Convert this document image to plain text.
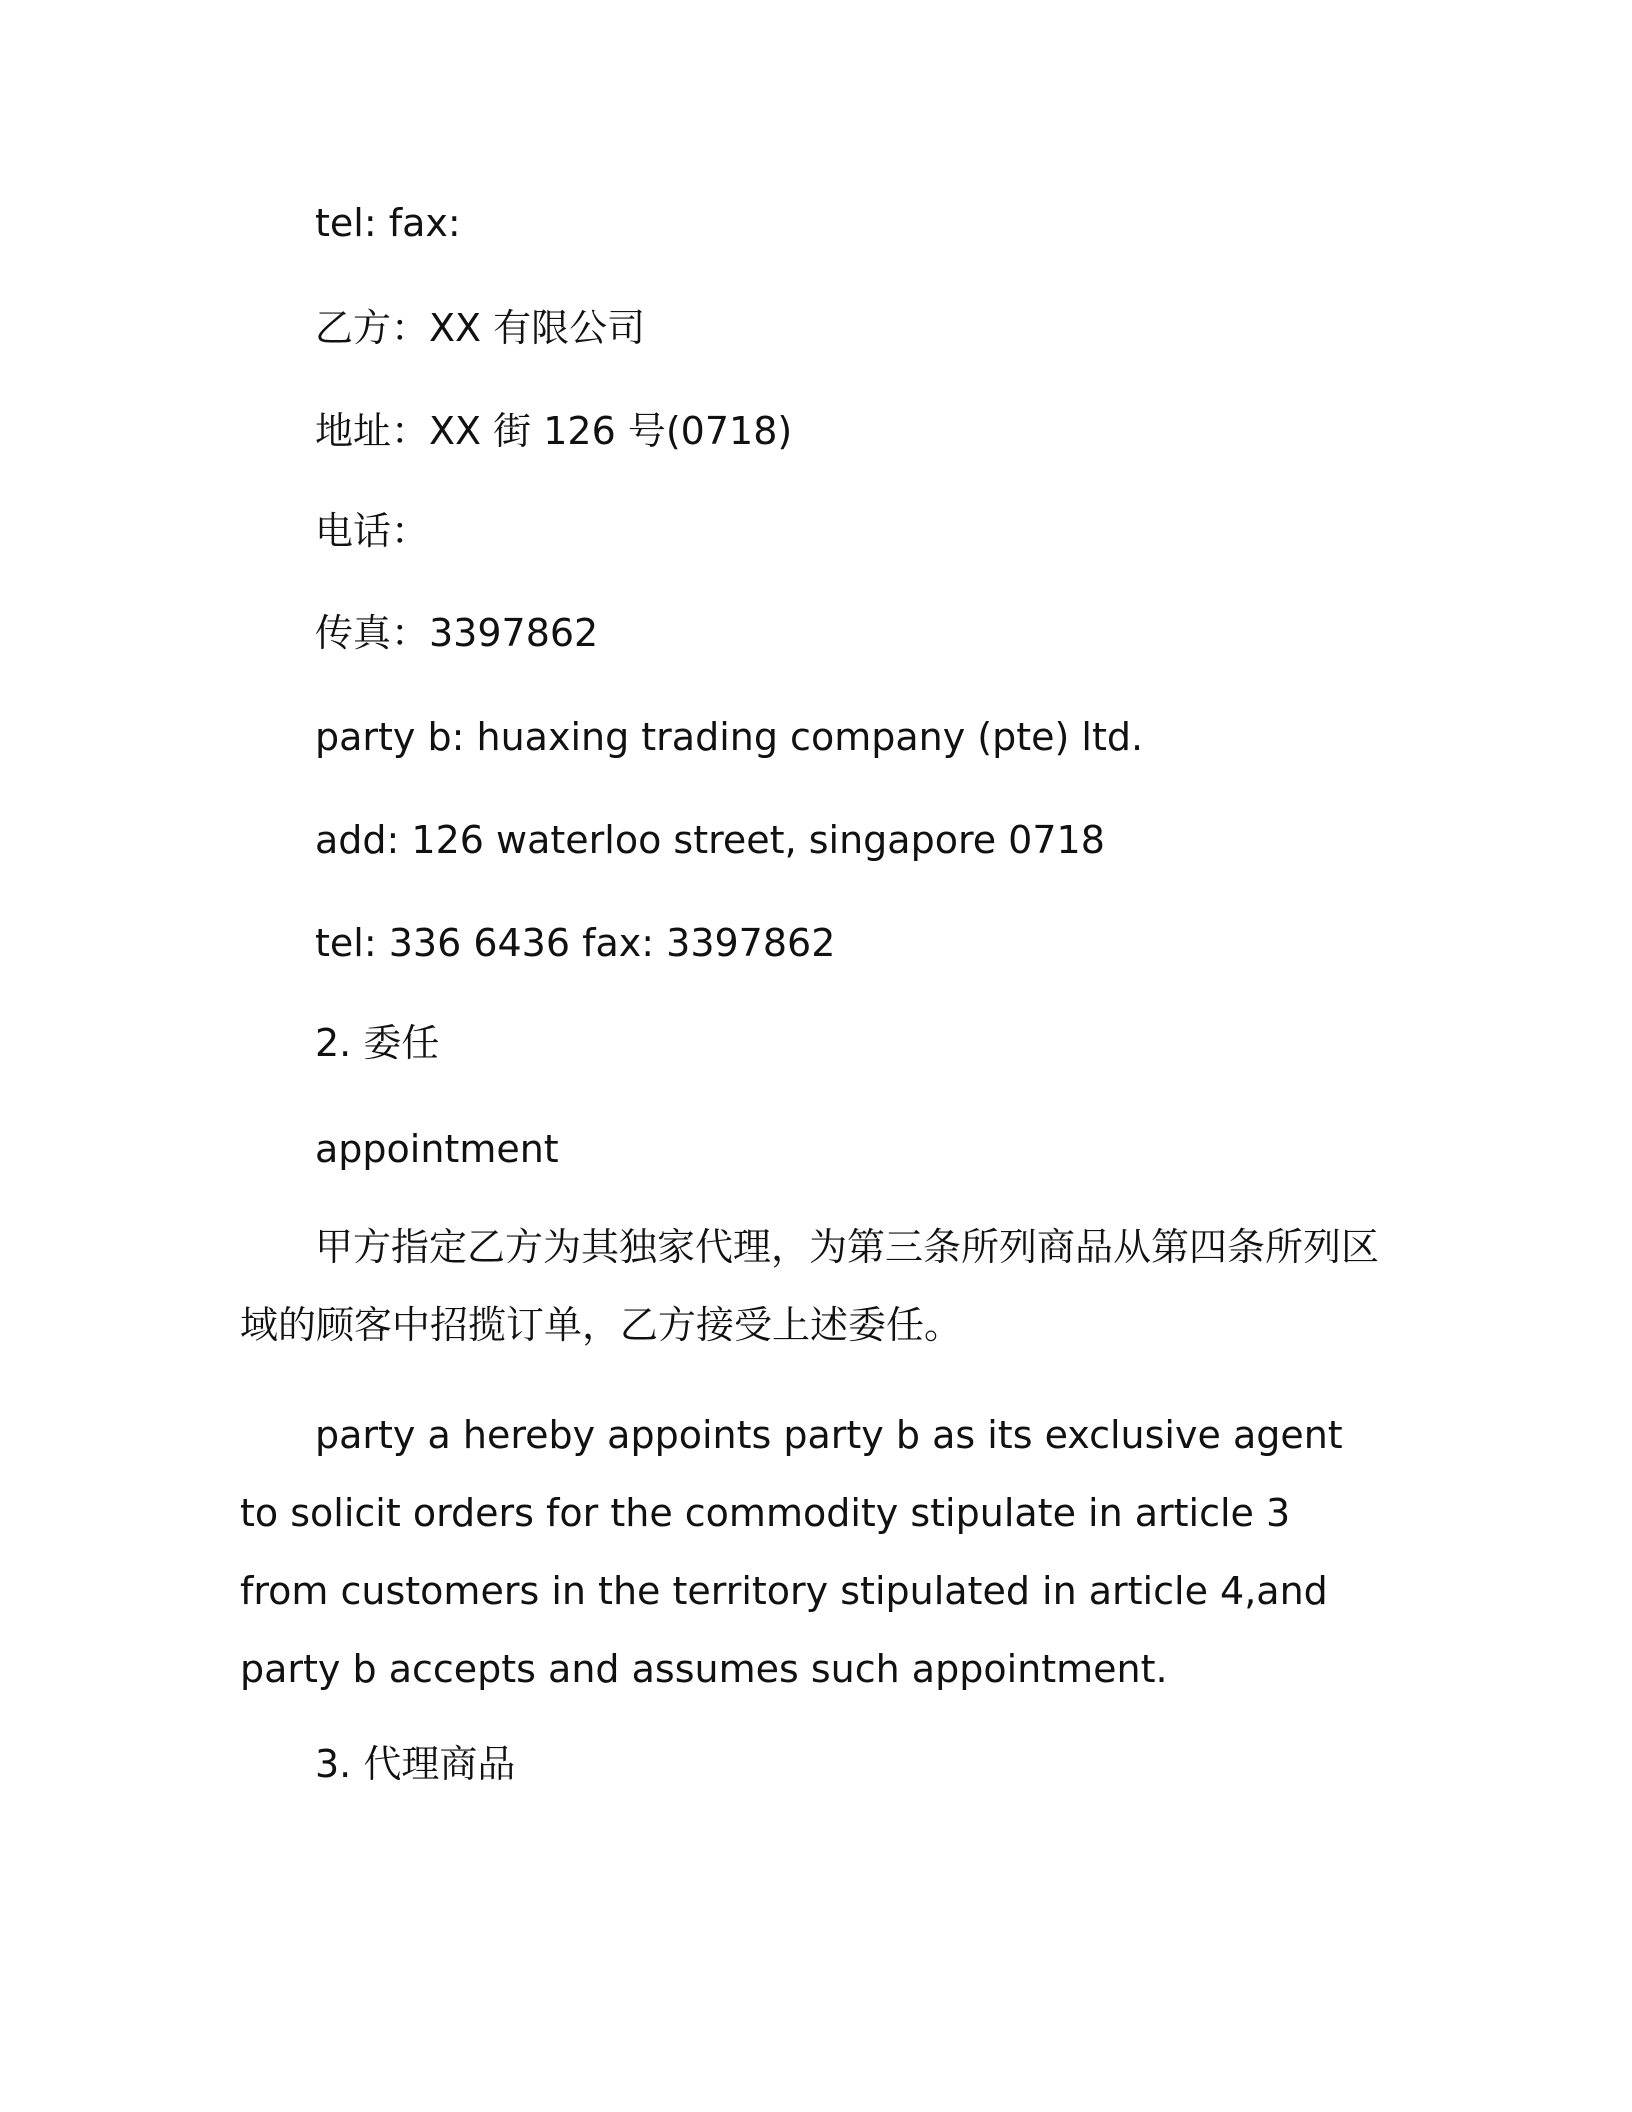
tel: fax:
乙方：XX 有限公司
地址：XX 街 126 号(0718)
电话：
传真：3397862
party b: huaxing trading company (pte) ltd.
add: 126 waterloo street, singapore 0718
tel: 336 6436 fax: 3397862
2. 委任
appointment
甲方指定乙方为其独家代理，为第三条所列商品从第四条所列区域的顾客中招揽订单，乙方接受上述委任。
party a hereby appoints party b as its exclusive agent to solicit orders for the commodity stipulate in article 3 from customers in the territory stipulated in article 4,and party b accepts and assumes such appointment.
3. 代理商品
